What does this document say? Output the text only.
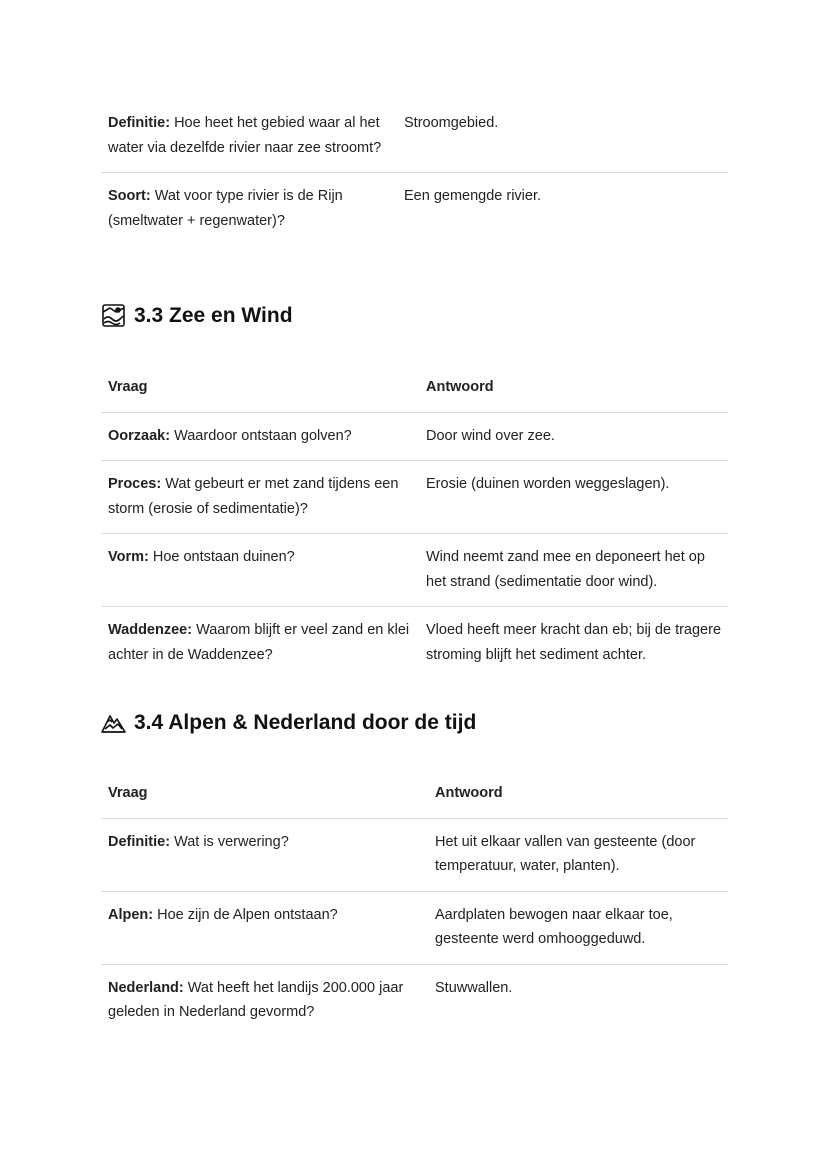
Definitie: Hoe heet het gebied waar al het water via dezelfde rivier naar zee stroomt?	Stroomgebied.
Soort: Wat voor type rivier is de Rijn (smeltwater + regenwater)?	Een gemengde rivier.
3.3 Zee en Wind
Vraag	Antwoord
Oorzaak: Waardoor ontstaan golven?	Door wind over zee.
Proces: Wat gebeurt er met zand tijdens een storm (erosie of sedimentatie)?	Erosie (duinen worden weggeslagen).
Vorm: Hoe ontstaan duinen?	Wind neemt zand mee en deponeert het op het strand (sedimentatie door wind).
Waddenzee: Waarom blijft er veel zand en klei achter in de Waddenzee?	Vloed heeft meer kracht dan eb; bij de tragere stroming blijft het sediment achter.
3.4 Alpen & Nederland door de tijd
Vraag	Antwoord
Definitie: Wat is verwering?	Het uit elkaar vallen van gesteente (door temperatuur, water, planten).
Alpen: Hoe zijn de Alpen ontstaan?	Aardplaten bewogen naar elkaar toe, gesteente werd omhooggeduwd.
Nederland: Wat heeft het landijs 200.000 jaar geleden in Nederland gevormd?	Stuwwallen.
